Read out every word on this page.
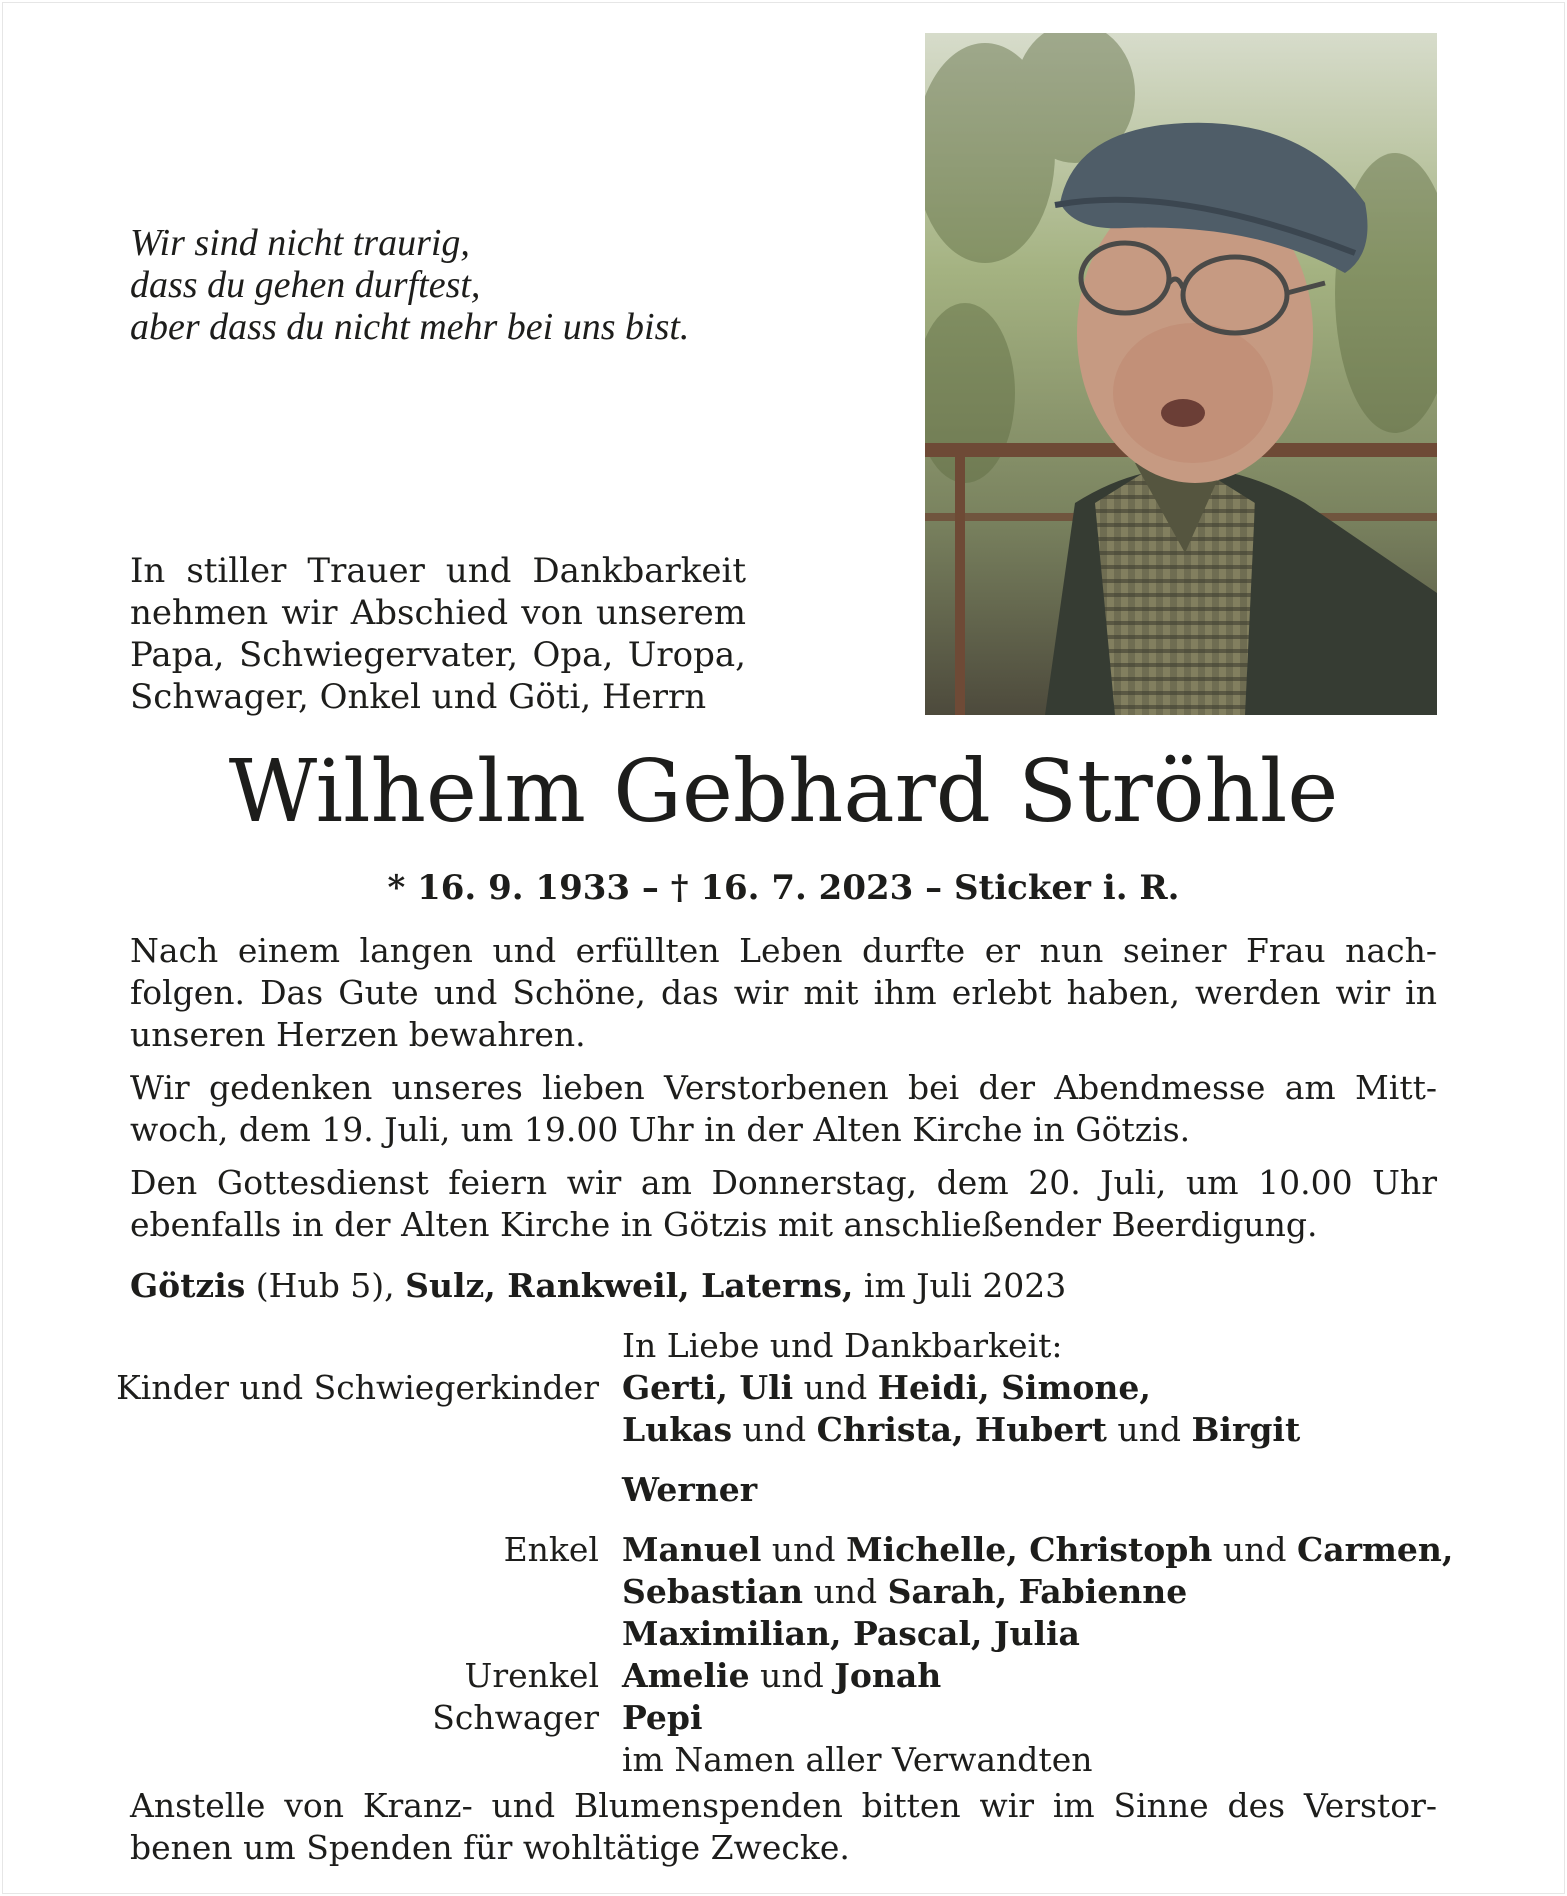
Wir sind nicht traurig,
dass du gehen durftest,
aber dass du nicht mehr bei uns bist.
In stiller Trauer und Dankbarkeit
nehmen wir Abschied von unserem
Papa, Schwiegervater, Opa, Uropa,
Schwager, Onkel und Göti, Herrn
Wilhelm Gebhard Ströhle
* 16. 9. 1933 – † 16. 7. 2023 – Sticker i. R.
Nach einem langen und erfüllten Leben durfte er nun seiner Frau nach-
folgen. Das Gute und Schöne, das wir mit ihm erlebt haben, werden wir in
unseren Herzen bewahren.
Wir gedenken unseres lieben Verstorbenen bei der Abendmesse am Mitt-
woch, dem 19. Juli, um 19.00 Uhr in der Alten Kirche in Götzis.
Den Gottesdienst feiern wir am Donnerstag, dem 20. Juli, um 10.00 Uhr
ebenfalls in der Alten Kirche in Götzis mit anschließender Beerdigung.
Götzis (Hub 5), Sulz, Rankweil, Laterns, im Juli 2023
In Liebe und Dankbarkeit:
Kinder und Schwiegerkinder Gerti, Uli und Heidi, Simone,
Lukas und Christa, Hubert und Birgit
Werner
Enkel Manuel und Michelle, Christoph und Carmen,
Sebastian und Sarah, Fabienne
Maximilian, Pascal, Julia
Urenkel Amelie und Jonah
Schwager Pepi
im Namen aller Verwandten
Anstelle von Kranz- und Blumenspenden bitten wir im Sinne des Verstor-
benen um Spenden für wohltätige Zwecke.
